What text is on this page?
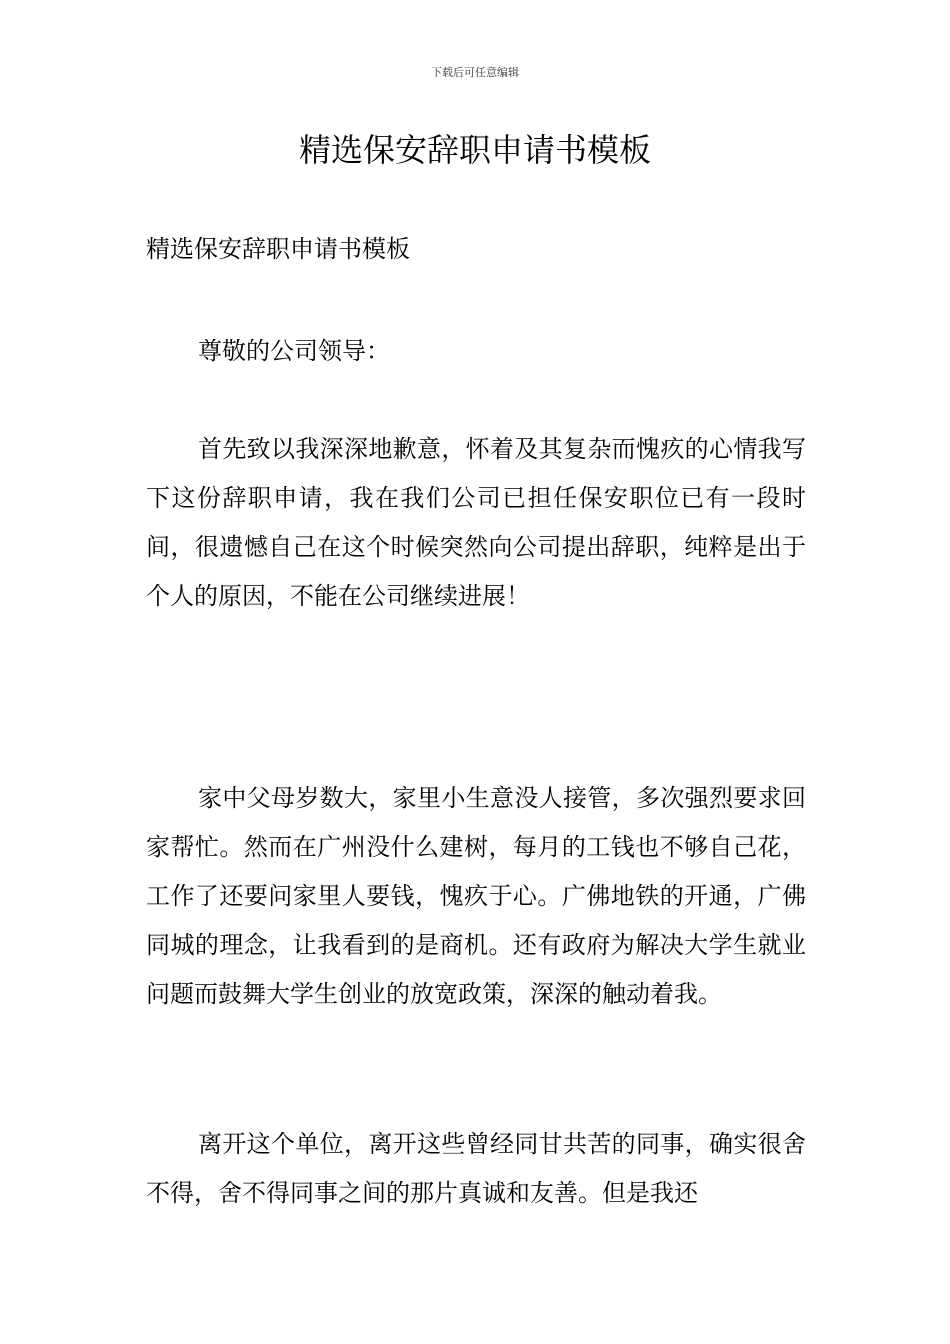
下载后可任意编辑
精选保安辞职申请书模板

精选保安辞职申请书模板

尊敬的公司领导：

首先致以我深深地歉意，怀着及其复杂而愧疚的心情我写下这份辞职申请，我在我们公司已担任保安职位已有一段时间，很遗憾自己在这个时候突然向公司提出辞职，纯粹是出于个人的原因，不能在公司继续进展！

家中父母岁数大，家里小生意没人接管，多次强烈要求回家帮忙。然而在广州没什么建树，每月的工钱也不够自己花，工作了还要问家里人要钱，愧疚于心。广佛地铁的开通，广佛同城的理念，让我看到的是商机。还有政府为解决大学生就业问题而鼓舞大学生创业的放宽政策，深深的触动着我。

离开这个单位，离开这些曾经同甘共苦的同事，确实很舍不得，舍不得同事之间的那片真诚和友善。但是我还
